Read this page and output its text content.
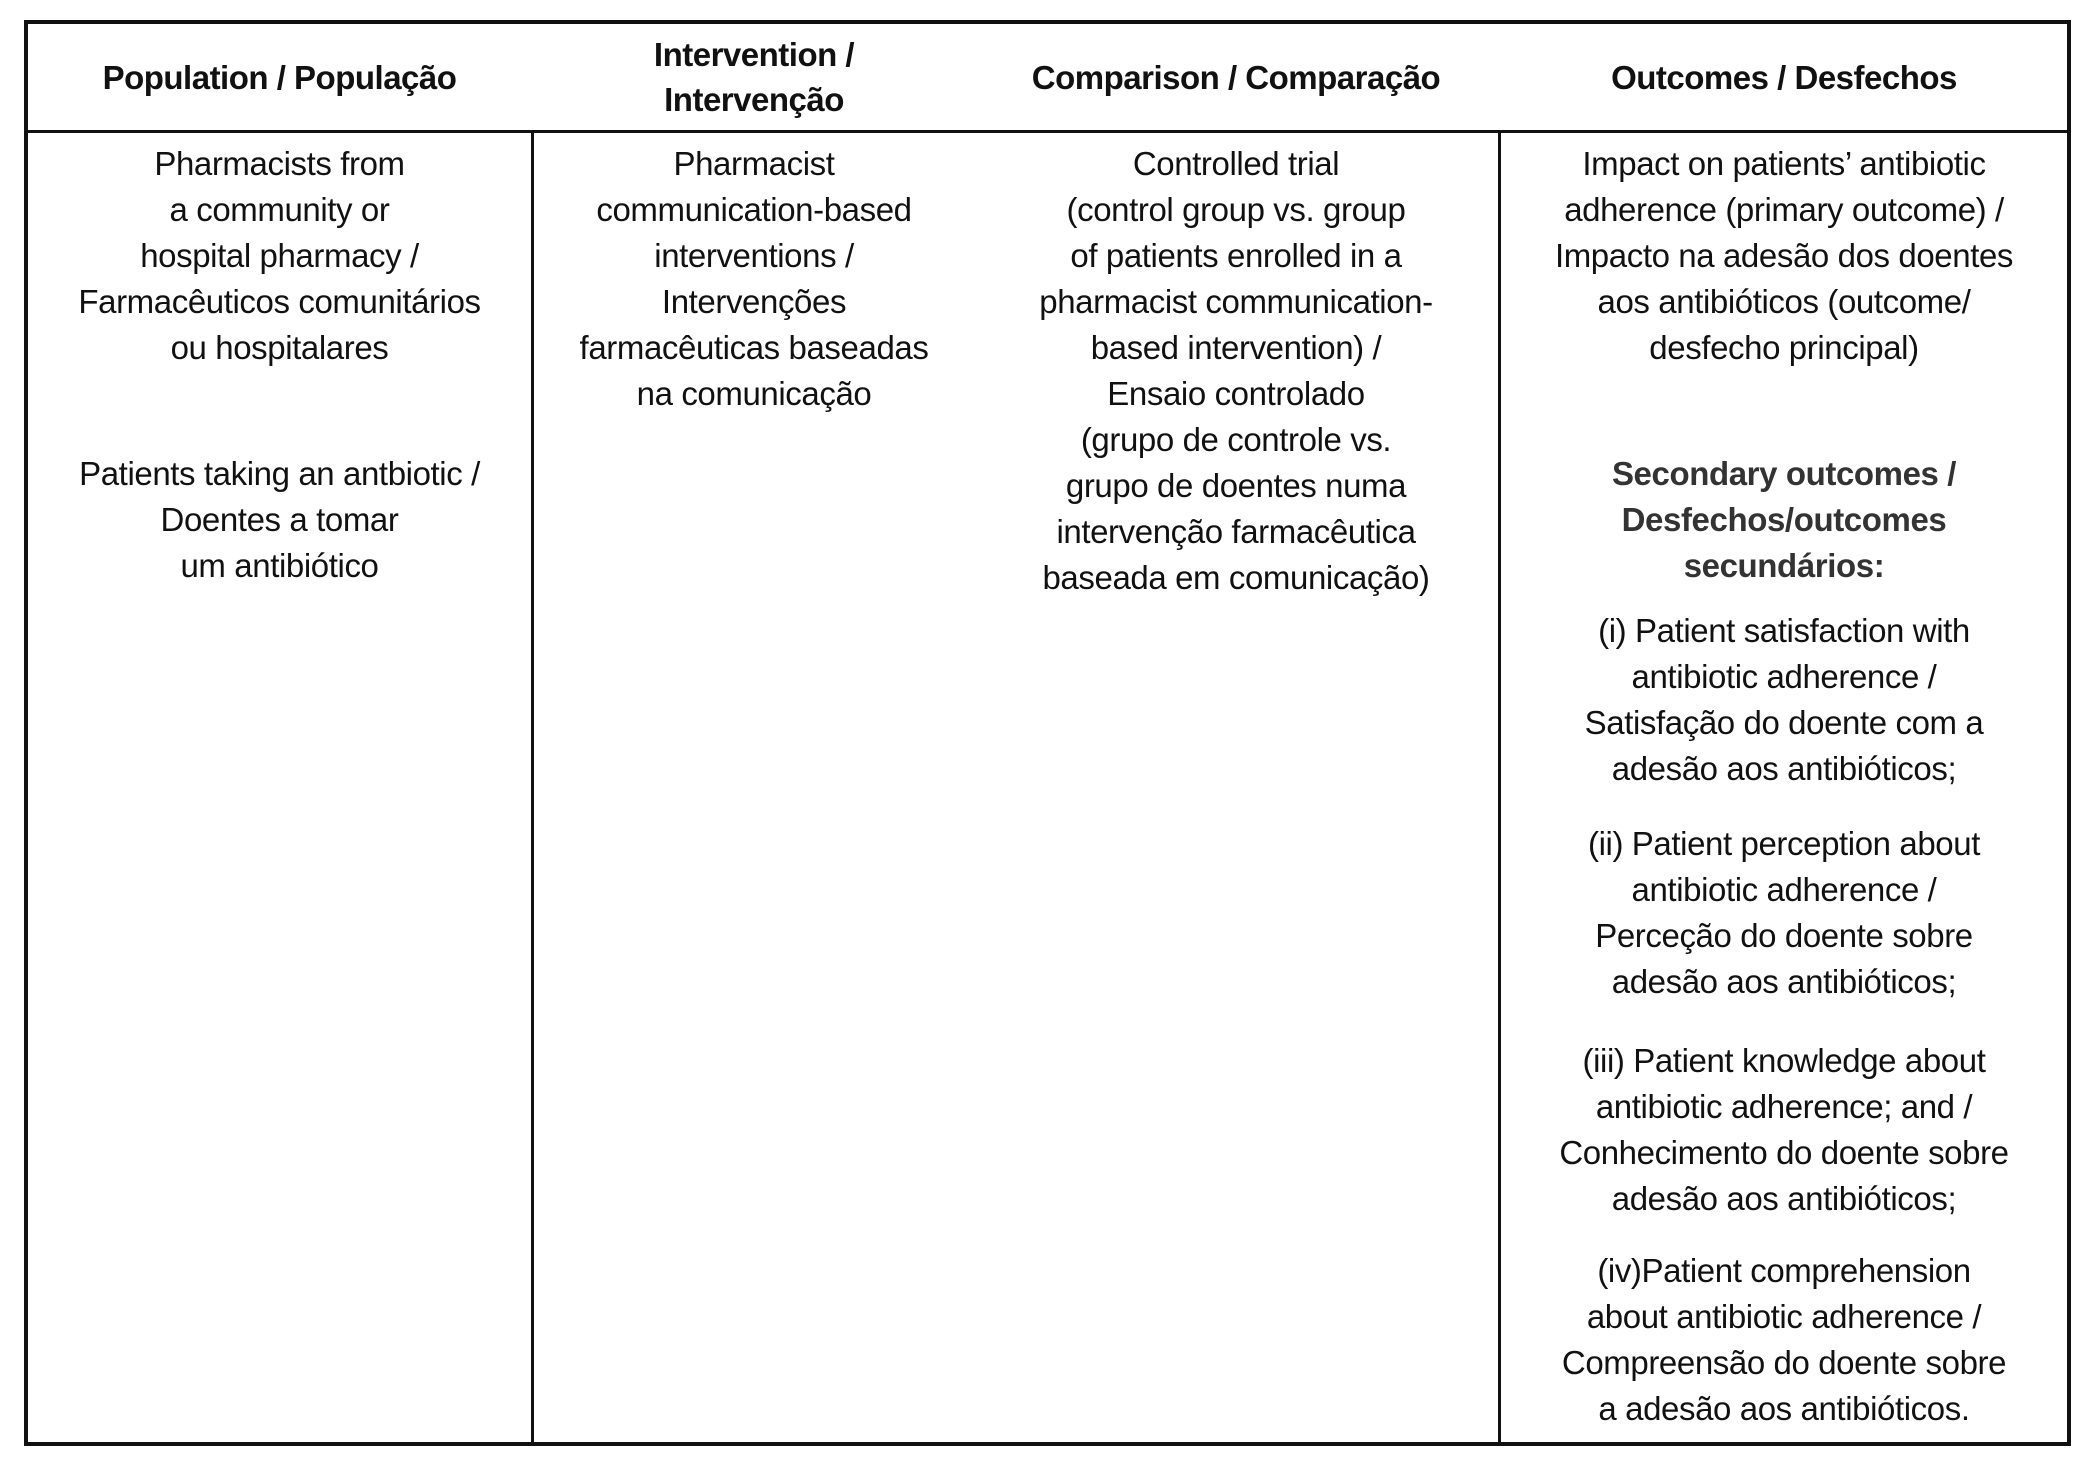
Population / População
Pharmacists from
a community or
hospital pharmacy /
Farmacêuticos comunitários
ou hospitalares
Patients taking an antbiotic /
Doentes a tomar
um antibiótico
Intervention /
Intervenção
Pharmacist
communication-based
interventions /
Intervenções
farmacêuticas baseadas
na comunicação
Comparison / Comparação
Controlled trial
(control group vs. group
of patients enrolled in a
pharmacist communication-
based intervention) /
Ensaio controlado
(grupo de controle vs.
grupo de doentes numa
intervenção farmacêutica
baseada em comunicação)
Outcomes / Desfechos
Impact on patients’ antibiotic
adherence (primary outcome) /
Impacto na adesão dos doentes
aos antibióticos (outcome/
desfecho principal)
Secondary outcomes /
Desfechos/outcomes
secundários:
(i) Patient satisfaction with
antibiotic adherence /
Satisfação do doente com a
adesão aos antibióticos;
(ii) Patient perception about
antibiotic adherence /
Perceção do doente sobre
adesão aos antibióticos;
(iii) Patient knowledge about
antibiotic adherence; and /
Conhecimento do doente sobre
adesão aos antibióticos;
(iv)Patient comprehension
about antibiotic adherence /
Compreensão do doente sobre
a adesão aos antibióticos.
